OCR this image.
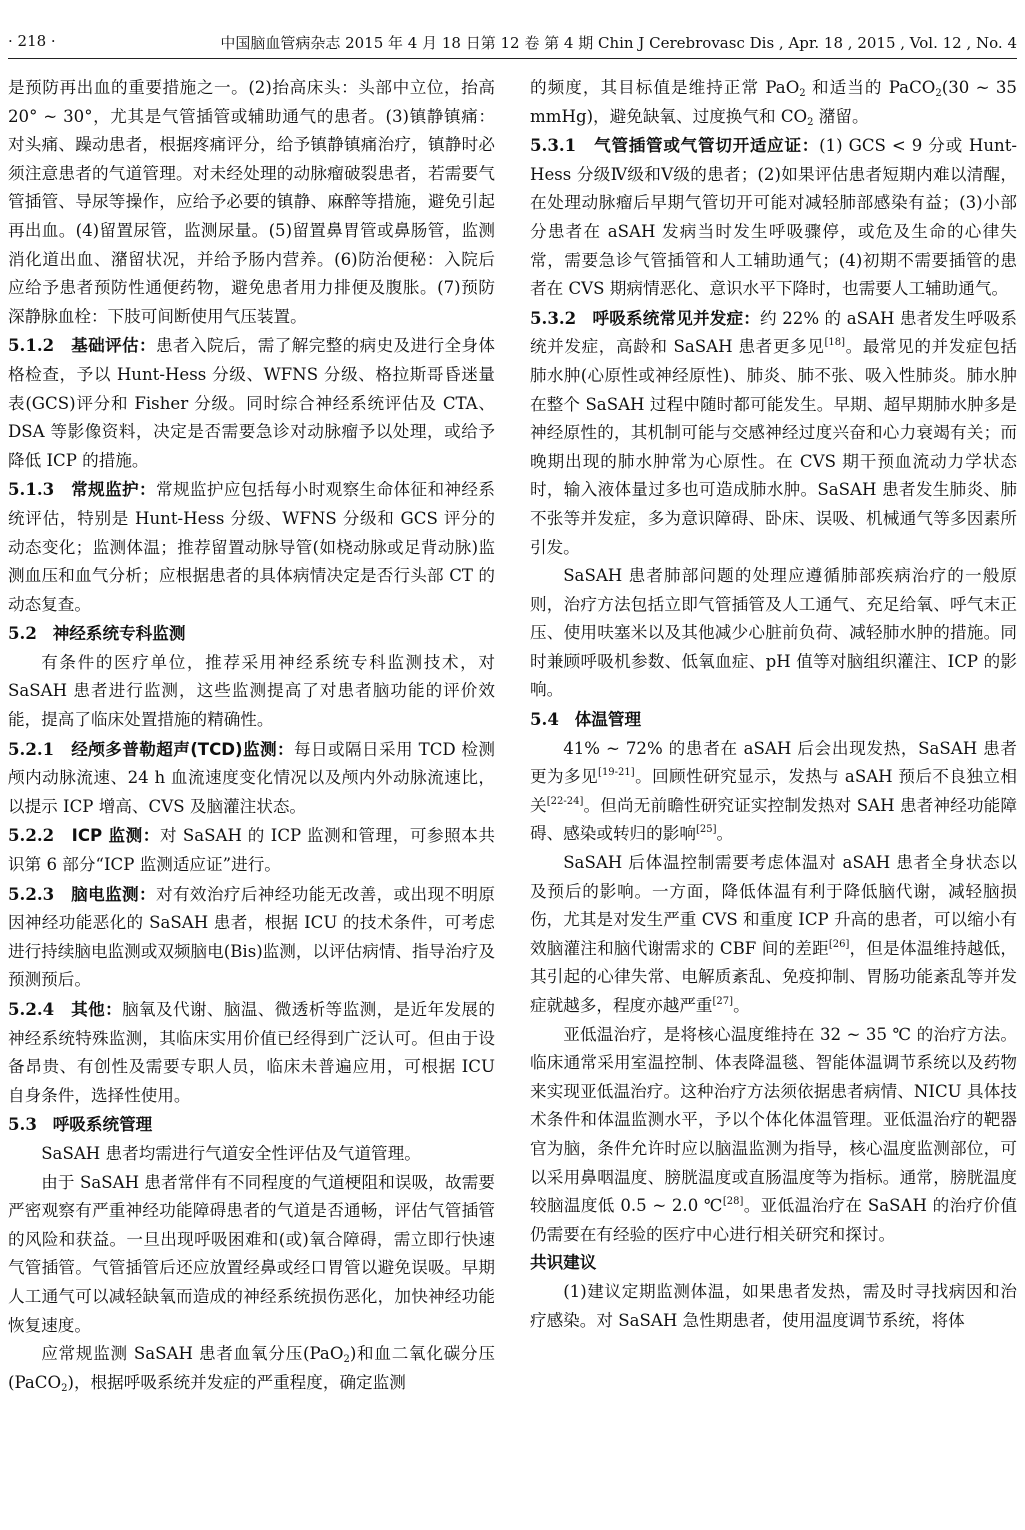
· 218 ·	中国脑血管病杂志 2015 年 4 月 18 日第 12 卷 第 4 期 Chin J Cerebrovasc Dis , Apr. 18 , 2015 , Vol. 12 , No. 4

是预防再出血的重要措施之一。(2)抬高床头：头部中立位，抬高 20° ~ 30°，尤其是气管插管或辅助通气的患者。(3)镇静镇痛：对头痛、躁动患者，根据疼痛评分，给予镇静镇痛治疗，镇静时必须注意患者的气道管理。对未经处理的动脉瘤破裂患者，若需要气管插管、导尿等操作，应给予必要的镇静、麻醉等措施，避免引起再出血。(4)留置尿管，监测尿量。(5)留置鼻胃管或鼻肠管，监测消化道出血、潴留状况，并给予肠内营养。(6)防治便秘：入院后应给予患者预防性通便药物，避免患者用力排便及腹胀。(7)预防深静脉血栓：下肢可间断使用气压装置。

5.1.2 基础评估：患者入院后，需了解完整的病史及进行全身体格检查，予以 Hunt-Hess 分级、WFNS 分级、格拉斯哥昏迷量表(GCS)评分和 Fisher 分级。同时综合神经系统评估及 CTA、DSA 等影像资料，决定是否需要急诊对动脉瘤予以处理，或给予降低 ICP 的措施。

5.1.3 常规监护：常规监护应包括每小时观察生命体征和神经系统评估，特别是 Hunt-Hess 分级、WFNS 分级和 GCS 评分的动态变化；监测体温；推荐留置动脉导管(如桡动脉或足背动脉)监测血压和血气分析；应根据患者的具体病情决定是否行头部 CT 的动态复查。

5.2 神经系统专科监测

有条件的医疗单位，推荐采用神经系统专科监测技术，对 SaSAH 患者进行监测，这些监测提高了对患者脑功能的评价效能，提高了临床处置措施的精确性。

5.2.1 经颅多普勒超声(TCD)监测：每日或隔日采用 TCD 检测颅内动脉流速、24 h 血流速度变化情况以及颅内外动脉流速比，以提示 ICP 增高、CVS 及脑灌注状态。

5.2.2 ICP 监测：对 SaSAH 的 ICP 监测和管理，可参照本共识第 6 部分“ICP 监测适应证”进行。

5.2.3 脑电监测：对有效治疗后神经功能无改善，或出现不明原因神经功能恶化的 SaSAH 患者，根据 ICU 的技术条件，可考虑进行持续脑电监测或双频脑电(Bis)监测，以评估病情、指导治疗及预测预后。

5.2.4 其他：脑氧及代谢、脑温、微透析等监测，是近年发展的神经系统特殊监测，其临床实用价值已经得到广泛认可。但由于设备昂贵、有创性及需要专职人员，临床未普遍应用，可根据 ICU 自身条件，选择性使用。

5.3 呼吸系统管理

SaSAH 患者均需进行气道安全性评估及气道管理。

由于 SaSAH 患者常伴有不同程度的气道梗阻和误吸，故需要严密观察有严重神经功能障碍患者的气道是否通畅，评估气管插管的风险和获益。一旦出现呼吸困难和(或)氧合障碍，需立即行快速气管插管。气管插管后还应放置经鼻或经口胃管以避免误吸。早期人工通气可以减轻缺氧而造成的神经系统损伤恶化，加快神经功能恢复速度。

应常规监测 SaSAH 患者血氧分压(PaO$_2$)和血二氧化碳分压(PaCO$_2$)，根据呼吸系统并发症的严重程度，确定监测

的频度，其目标值是维持正常 PaO$_2$ 和适当的 PaCO$_2$(30 ~ 35 mmHg)，避免缺氧、过度换气和 $CO_2$ 潴留。

5.3.1 气管插管或气管切开适应证：(1) GCS < 9 分或 Hunt-Hess 分级Ⅳ级和Ⅴ级的患者；(2)如果评估患者短期内难以清醒，在处理动脉瘤后早期气管切开可能对减轻肺部感染有益；(3)小部分患者在 aSAH 发病当时发生呼吸骤停，或危及生命的心律失常，需要急诊气管插管和人工辅助通气；(4)初期不需要插管的患者在 CVS 期病情恶化、意识水平下降时，也需要人工辅助通气。

5.3.2 呼吸系统常见并发症：约 22% 的 aSAH 患者发生呼吸系统并发症，高龄和 SaSAH 患者更多见[18]。最常见的并发症包括肺水肿(心原性或神经原性)、肺炎、肺不张、吸入性肺炎。肺水肿在整个 SaSAH 过程中随时都可能发生。早期、超早期肺水肿多是神经原性的，其机制可能与交感神经过度兴奋和心力衰竭有关；而晚期出现的肺水肿常为心原性。在 CVS 期干预血流动力学状态时，输入液体量过多也可造成肺水肿。SaSAH 患者发生肺炎、肺不张等并发症，多为意识障碍、卧床、误吸、机械通气等多因素所引发。

SaSAH 患者肺部问题的处理应遵循肺部疾病治疗的一般原则，治疗方法包括立即气管插管及人工通气、充足给氧、呼气末正压、使用呋塞米以及其他减少心脏前负荷、减轻肺水肿的措施。同时兼顾呼吸机参数、低氧血症、pH 值等对脑组织灌注、ICP 的影响。

5.4 体温管理

41% ~ 72% 的患者在 aSAH 后会出现发热，SaSAH 患者更为多见[19-21]。回顾性研究显示，发热与 aSAH 预后不良独立相关[22-24]。但尚无前瞻性研究证实控制发热对 SAH 患者神经功能障碍、感染或转归的影响[25]。

SaSAH 后体温控制需要考虑体温对 aSAH 患者全身状态以及预后的影响。一方面，降低体温有利于降低脑代谢，减轻脑损伤，尤其是对发生严重 CVS 和重度 ICP 升高的患者，可以缩小有效脑灌注和脑代谢需求的 CBF 间的差距[26]，但是体温维持越低，其引起的心律失常、电解质紊乱、免疫抑制、胃肠功能紊乱等并发症就越多，程度亦越严重[27]。

亚低温治疗，是将核心温度维持在 32 ~ 35 ℃ 的治疗方法。临床通常采用室温控制、体表降温毯、智能体温调节系统以及药物来实现亚低温治疗。这种治疗方法须依据患者病情、NICU 具体技术条件和体温监测水平，予以个体化体温管理。亚低温治疗的靶器官为脑，条件允许时应以脑温监测为指导，核心温度监测部位，可以采用鼻咽温度、膀胱温度或直肠温度等为指标。通常，膀胱温度较脑温度低 0.5 ~ 2.0 ℃[28]。亚低温治疗在 SaSAH 的治疗价值仍需要在有经验的医疗中心进行相关研究和探讨。

共识建议

(1)建议定期监测体温，如果患者发热，需及时寻找病因和治疗感染。对 SaSAH 急性期患者，使用温度调节系统，将体
